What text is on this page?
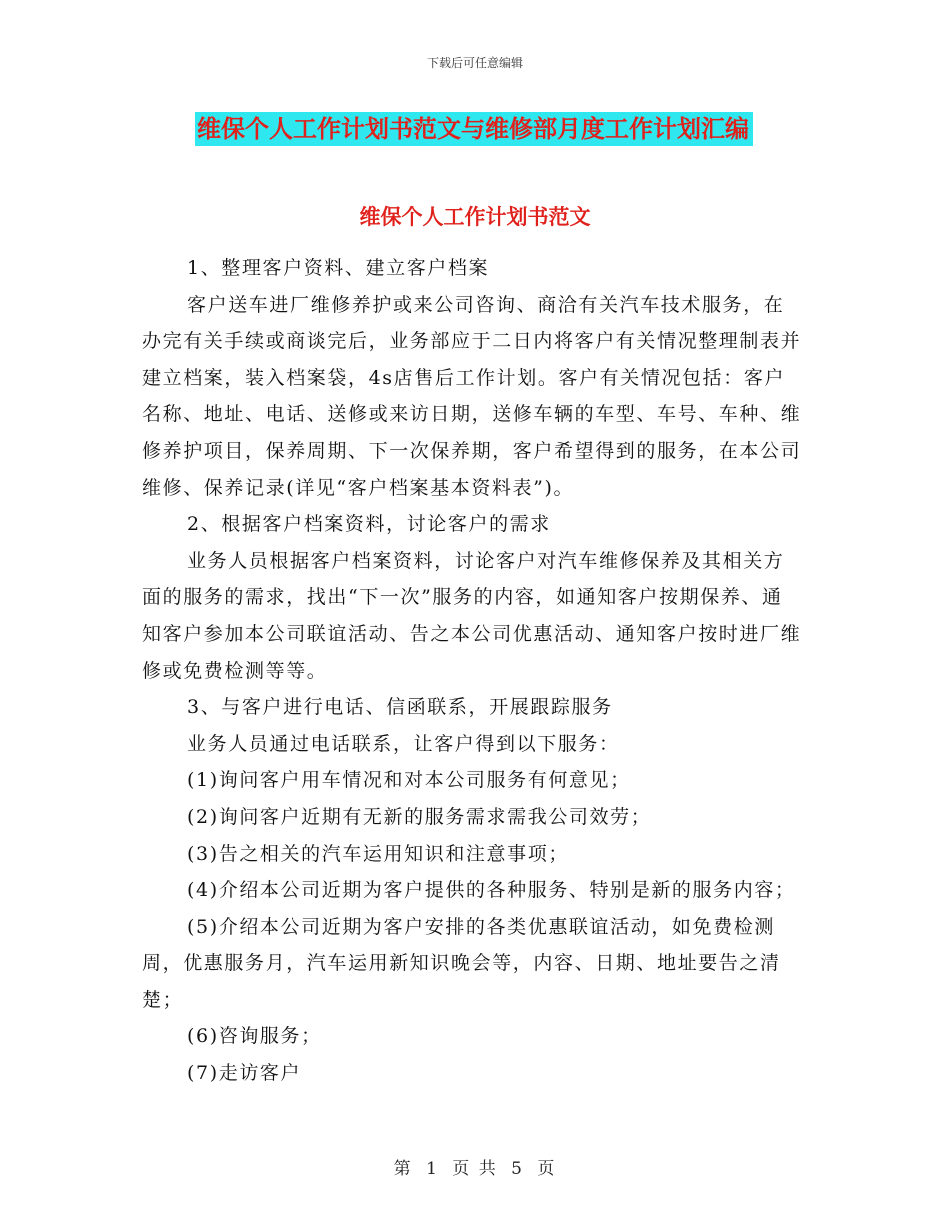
下载后可任意编辑
维保个人工作计划书范文与维修部月度工作计划汇编
维保个人工作计划书范文

1、整理客户资料、建立客户档案

客户送车进厂维修养护或来公司咨询、商洽有关汽车技术服务，在办完有关手续或商谈完后，业务部应于二日内将客户有关情况整理制表并建立档案，装入档案袋，4s店售后工作计划。客户有关情况包括：客户名称、地址、电话、送修或来访日期，送修车辆的车型、车号、车种、维修养护项目，保养周期、下一次保养期，客户希望得到的服务，在本公司维修、保养记录(详见“客户档案基本资料表”)。

2、根据客户档案资料，讨论客户的需求

业务人员根据客户档案资料，讨论客户对汽车维修保养及其相关方面的服务的需求，找出“下一次”服务的内容，如通知客户按期保养、通知客户参加本公司联谊活动、告之本公司优惠活动、通知客户按时进厂维修或免费检测等等。

3、与客户进行电话、信函联系，开展跟踪服务

业务人员通过电话联系，让客户得到以下服务：

(1)询问客户用车情况和对本公司服务有何意见；

(2)询问客户近期有无新的服务需求需我公司效劳；

(3)告之相关的汽车运用知识和注意事项；

(4)介绍本公司近期为客户提供的各种服务、特别是新的服务内容；

(5)介绍本公司近期为客户安排的各类优惠联谊活动，如免费检测周，优惠服务月，汽车运用新知识晚会等，内容、日期、地址要告之清楚；

(6)咨询服务；

(7)走访客户

第 1 页 共 5 页
